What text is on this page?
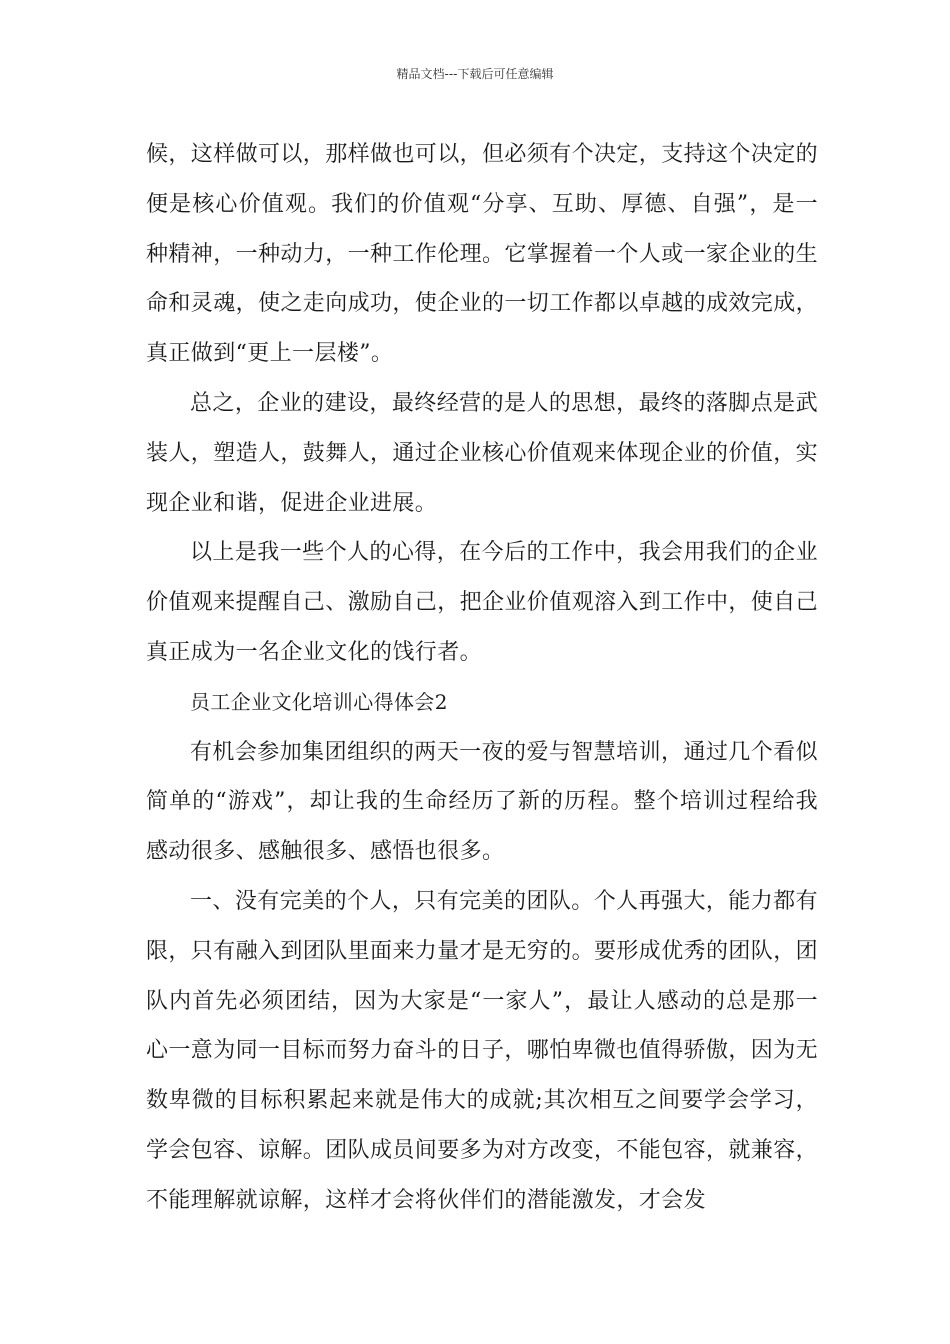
精品文档---下载后可任意编辑

候，这样做可以，那样做也可以，但必须有个决定，支持这个决定的便是核心价值观。我们的价值观“分享、互助、厚德、自强”，是一种精神，一种动力，一种工作伦理。它掌握着一个人或一家企业的生命和灵魂，使之走向成功，使企业的一切工作都以卓越的成效完成，真正做到“更上一层楼”。

总之，企业的建设，最终经营的是人的思想，最终的落脚点是武装人，塑造人，鼓舞人，通过企业核心价值观来体现企业的价值，实现企业和谐，促进企业进展。

以上是我一些个人的心得，在今后的工作中，我会用我们的企业价值观来提醒自己、激励自己，把企业价值观溶入到工作中，使自己真正成为一名企业文化的饯行者。

员工企业文化培训心得体会2

有机会参加集团组织的两天一夜的爱与智慧培训，通过几个看似简单的“游戏”，却让我的生命经历了新的历程。整个培训过程给我感动很多、感触很多、感悟也很多。

一、没有完美的个人，只有完美的团队。个人再强大，能力都有限，只有融入到团队里面来力量才是无穷的。要形成优秀的团队，团队内首先必须团结，因为大家是“一家人”，最让人感动的总是那一心一意为同一目标而努力奋斗的日子，哪怕卑微也值得骄傲，因为无数卑微的目标积累起来就是伟大的成就;其次相互之间要学会学习，学会包容、谅解。团队成员间要多为对方改变，不能包容，就兼容，不能理解就谅解，这样才会将伙伴们的潜能激发，才会发
